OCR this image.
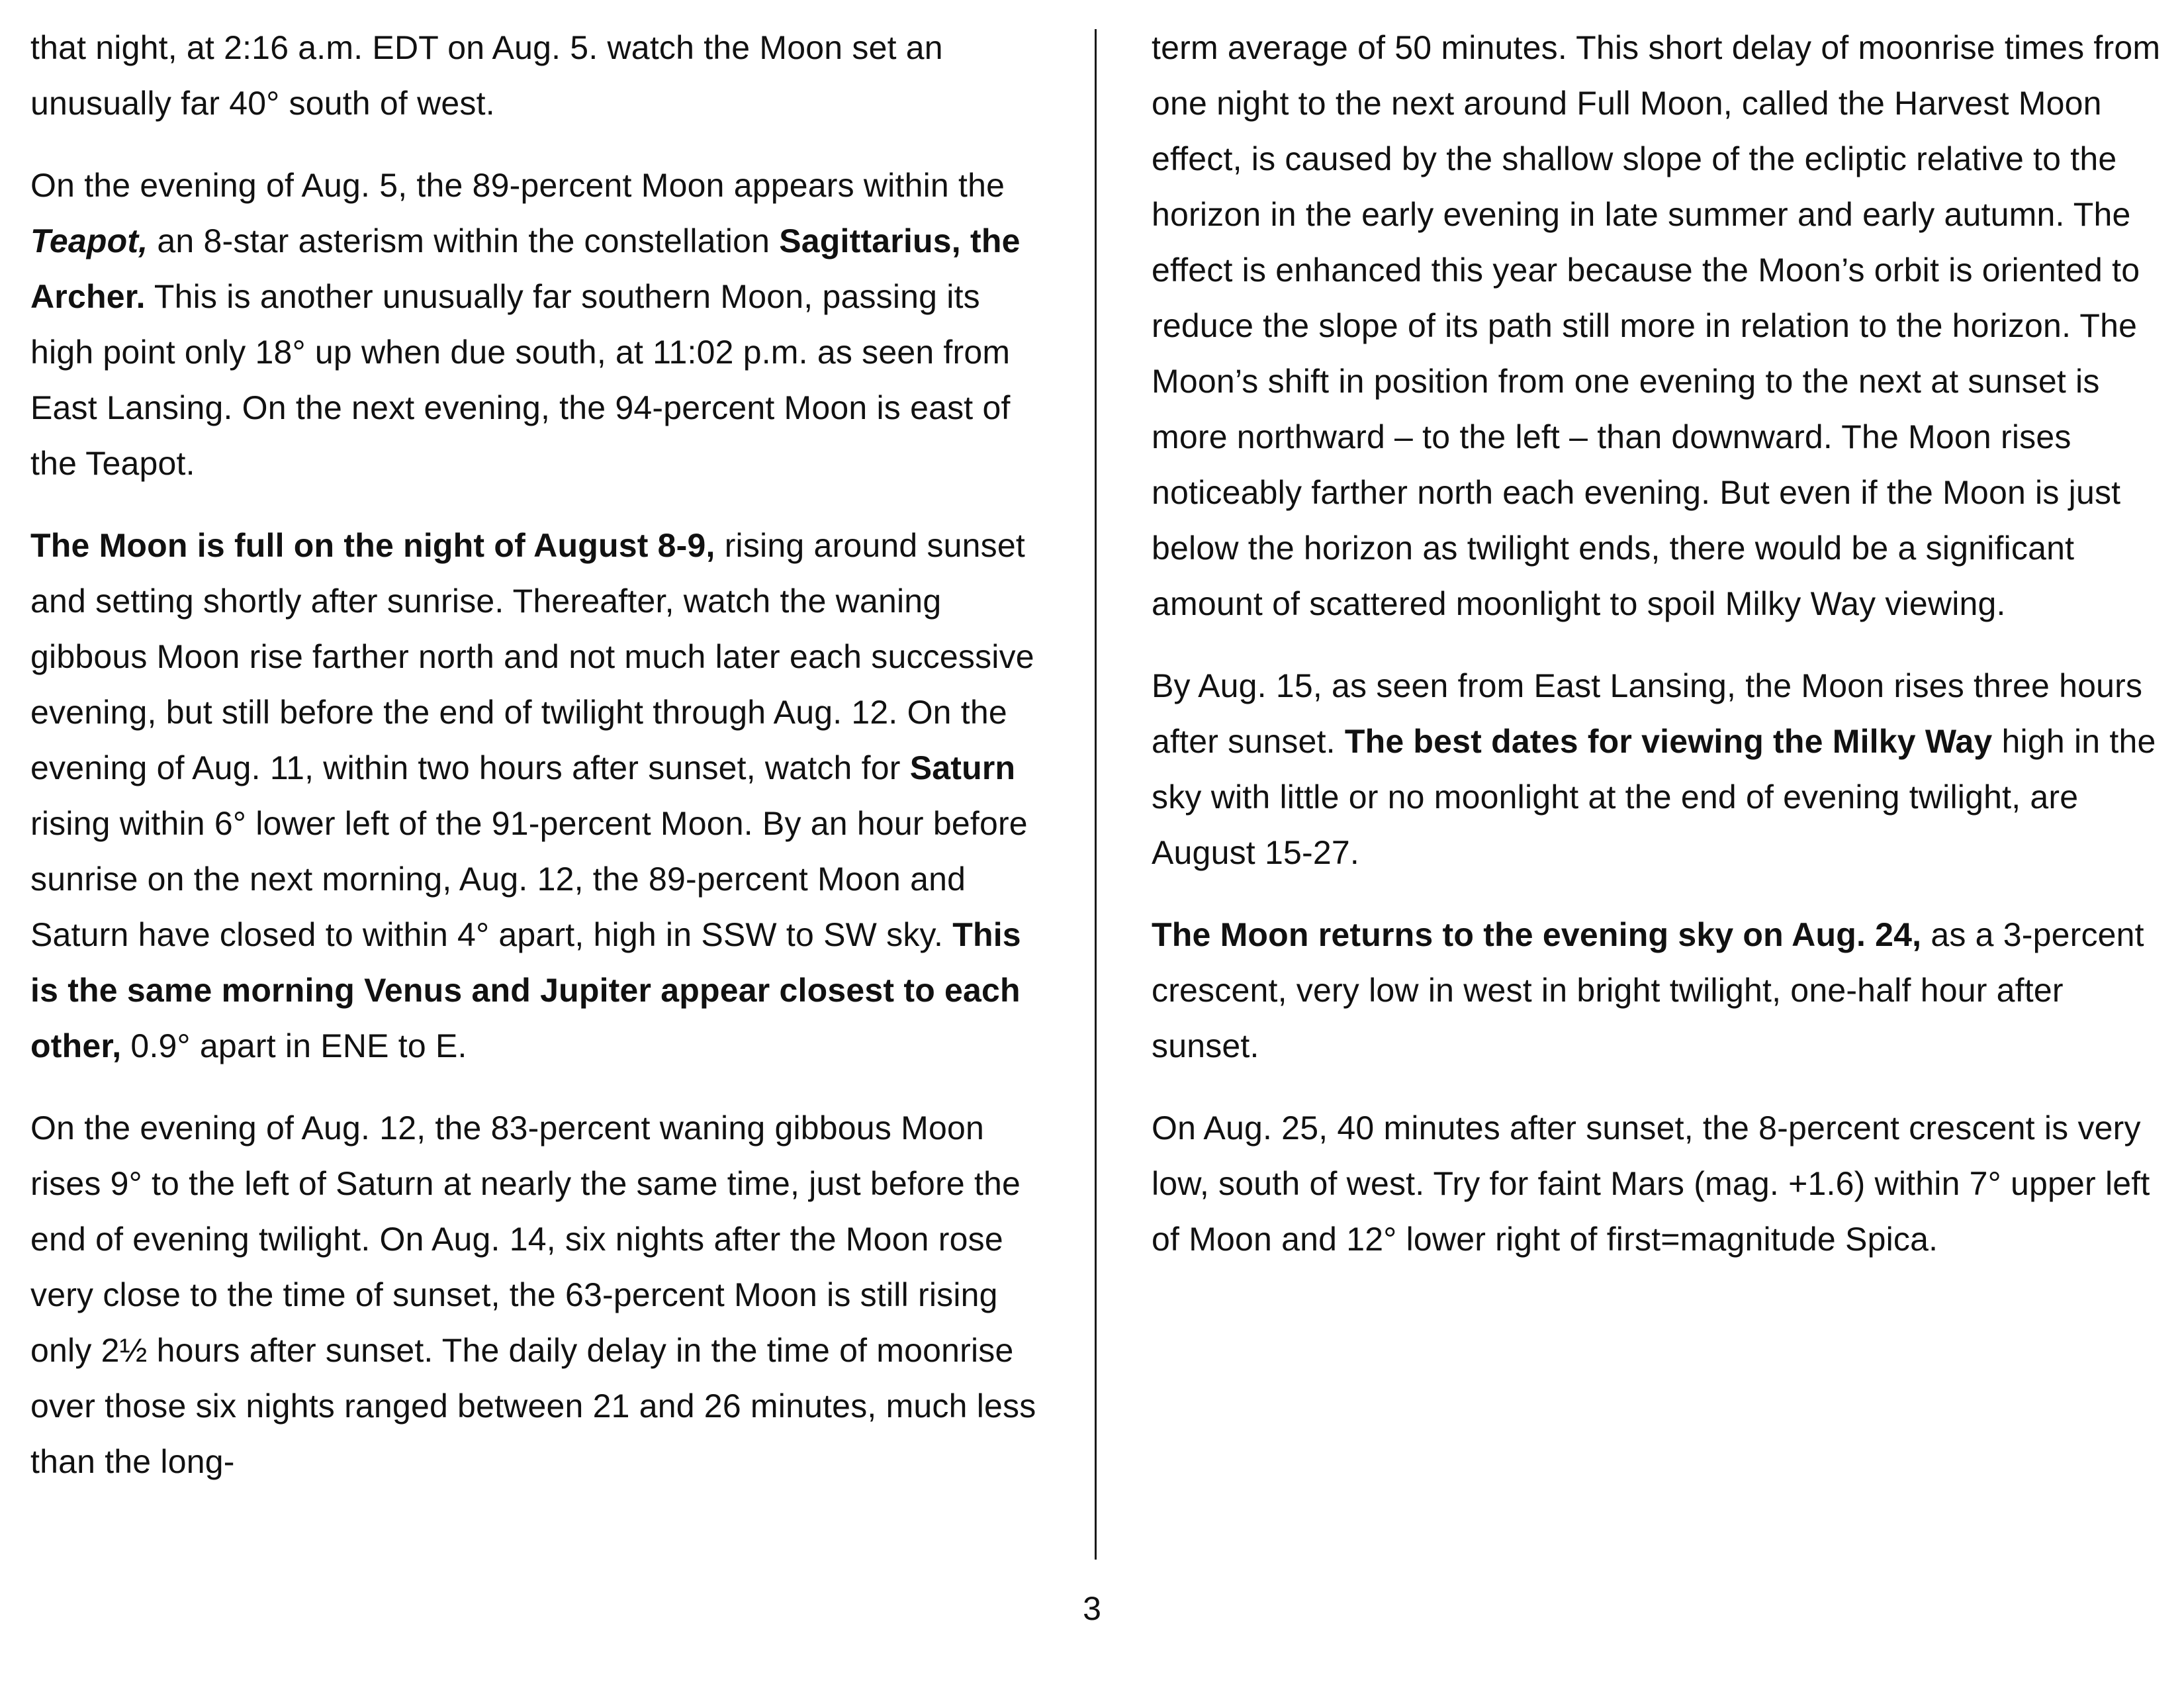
that night, at 2:16 a.m. EDT on Aug. 5. watch the Moon set an unusually far 40° south of west.

On the evening of Aug. 5, the 89-percent Moon appears within the Teapot, an 8-star asterism within the constellation Sagittarius, the Archer. This is another unusually far southern Moon, passing its high point only 18° up when due south, at 11:02 p.m. as seen from East Lansing. On the next evening, the 94-percent Moon is east of the Teapot.

The Moon is full on the night of August 8-9, rising around sunset and setting shortly after sunrise. Thereafter, watch the waning gibbous Moon rise farther north and not much later each successive evening, but still before the end of twilight through Aug. 12. On the evening of Aug. 11, within two hours after sunset, watch for Saturn rising within 6° lower left of the 91-percent Moon. By an hour before sunrise on the next morning, Aug. 12, the 89-percent Moon and Saturn have closed to within 4° apart, high in SSW to SW sky. This is the same morning Venus and Jupiter appear closest to each other, 0.9° apart in ENE to E.

On the evening of Aug. 12, the 83-percent waning gibbous Moon rises 9° to the left of Saturn at nearly the same time, just before the end of evening twilight. On Aug. 14, six nights after the Moon rose very close to the time of sunset, the 63-percent Moon is still rising only 2½ hours after sunset. The daily delay in the time of moonrise over those six nights ranged between 21 and 26 minutes, much less than the long-

term average of 50 minutes. This short delay of moonrise times from one night to the next around Full Moon, called the Harvest Moon effect, is caused by the shallow slope of the ecliptic relative to the horizon in the early evening in late summer and early autumn. The effect is enhanced this year because the Moon’s orbit is oriented to reduce the slope of its path still more in relation to the horizon. The Moon’s shift in position from one evening to the next at sunset is more northward – to the left – than downward. The Moon rises noticeably farther north each evening. But even if the Moon is just below the horizon as twilight ends, there would be a significant amount of scattered moonlight to spoil Milky Way viewing.

By Aug. 15, as seen from East Lansing, the Moon rises three hours after sunset. The best dates for viewing the Milky Way high in the sky with little or no moonlight at the end of evening twilight, are August 15-27.

The Moon returns to the evening sky on Aug. 24, as a 3-percent crescent, very low in west in bright twilight, one-half hour after sunset.

On Aug. 25, 40 minutes after sunset, the 8-percent crescent is very low, south of west. Try for faint Mars (mag. +1.6) within 7° upper left of Moon and 12° lower right of first=magnitude Spica.

3
